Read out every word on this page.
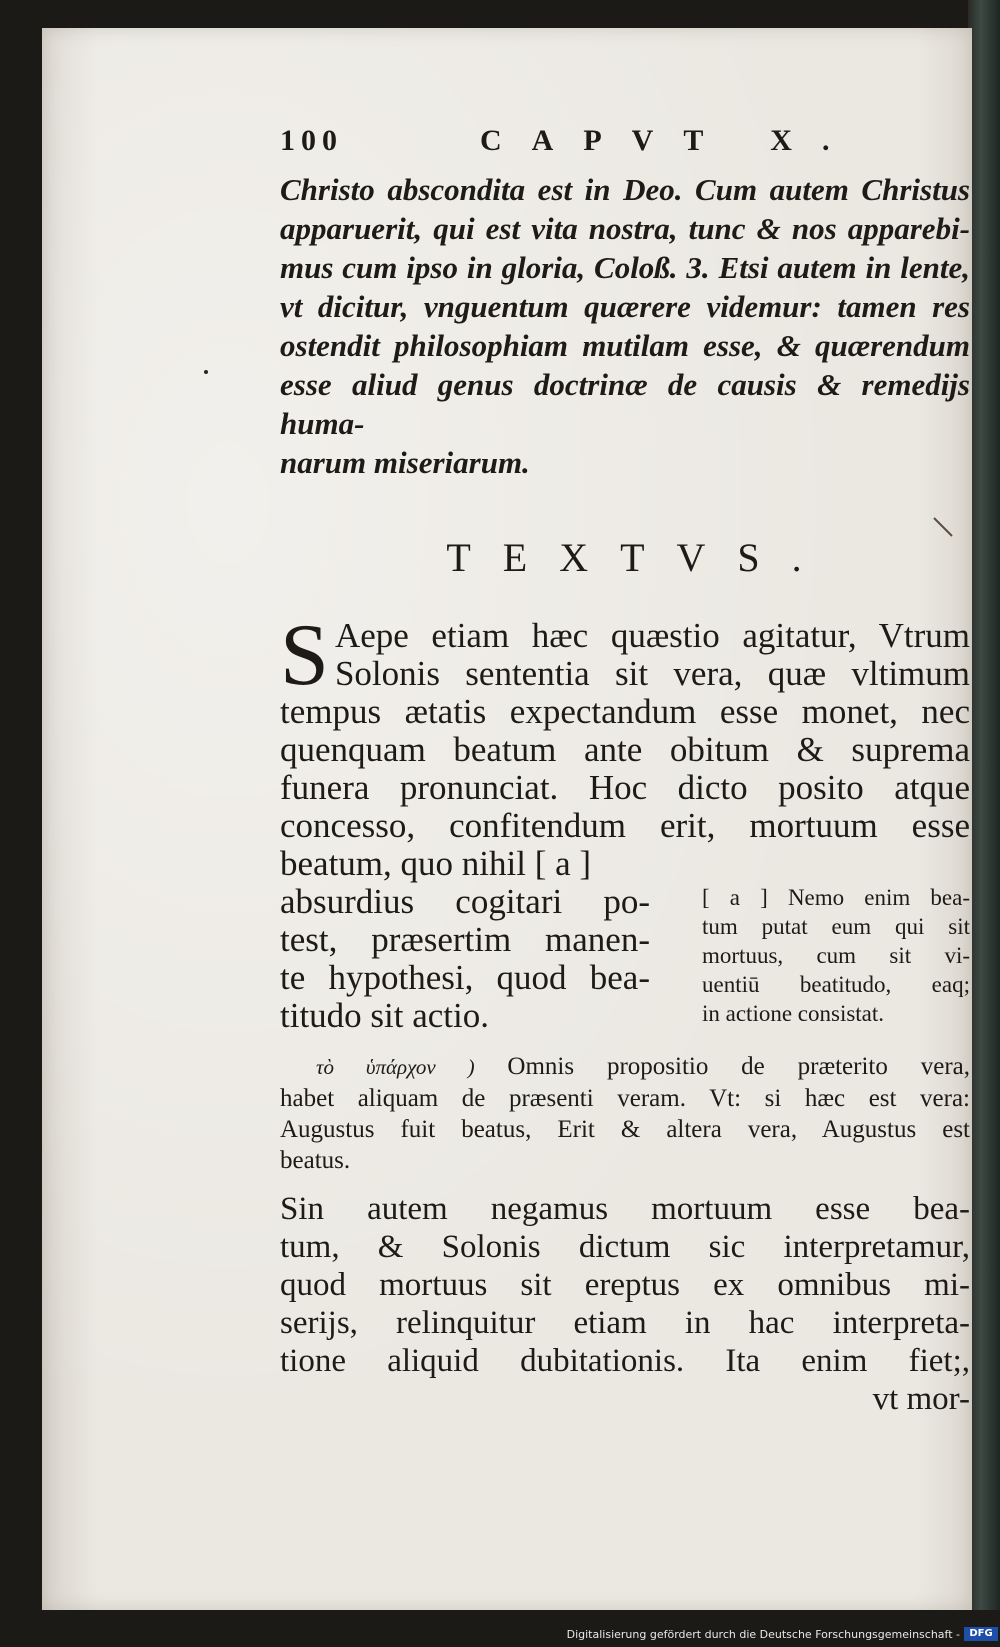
100	CAPVT X.
Christo abscondita est in Deo. Cum autem Christus
apparuerit, qui est vita nostra, tunc & nos apparebi-
mus cum ipso in gloria, Coloß. 3. Etsi autem in lente,
vt dicitur, vnguentum quærere videmur: tamen res
ostendit philosophiam mutilam esse, & quærendum
esse aliud genus doctrinæ de causis & remedijs huma-
narum miseriarum.
TEXTVS.
S Aepe etiam hæc quæstio agitatur, Vtrum
Solonis sententia sit vera, quæ vltimum
tempus ætatis expectandum esse monet, nec
quenquam beatum ante obitum & suprema
funera pronunciat. Hoc dicto posito atque
concesso, confitendum erit, mortuum esse
beatum, quo nihil [ a ]
absurdius cogitari po-
test, præsertim manen-
te hypothesi, quod bea-
titudo sit actio.
[ a ] Nemo enim bea-
tum putat eum qui sit
mortuus, cum sit vi-
uentiū beatitudo, eaq;
in actione consistat.
τὸ ὑπάρχον ) Omnis propositio de præterito vera,
habet aliquam de præsenti veram. Vt: si hæc est vera:
Augustus fuit beatus, Erit & altera vera, Augustus est
beatus.
Sin autem negamus mortuum esse bea-
tum, & Solonis dictum sic interpretamur,
quod mortuus sit ereptus ex omnibus mi-
serijs, relinquitur etiam in hac interpreta-
tione aliquid dubitationis. Ita enim fiet;,
vt mor-
Digitalisierung gefördert durch die Deutsche Forschungsgemeinschaft - DFG
